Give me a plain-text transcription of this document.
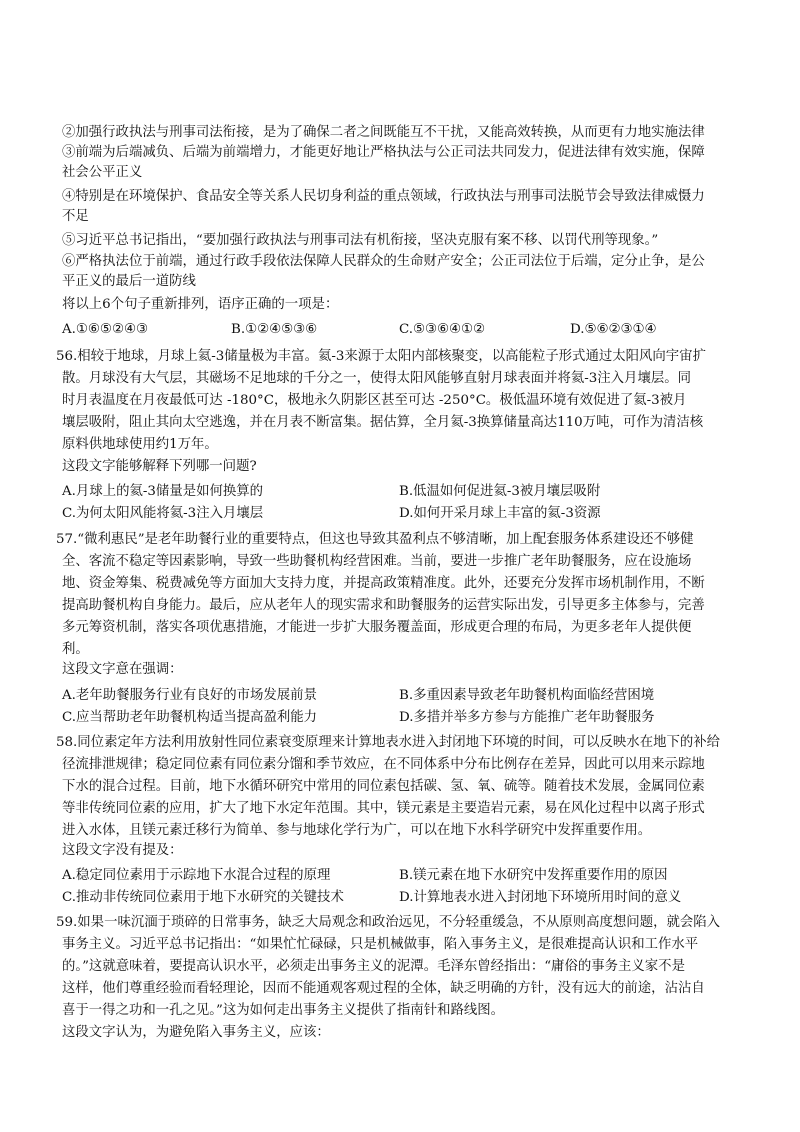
②加强行政执法与刑事司法衔接，是为了确保二者之间既能互不干扰，又能高效转换，从而更有力地实施法律
③前端为后端减负、后端为前端增力，才能更好地让严格执法与公正司法共同发力，促进法律有效实施，保障
社会公平正义
④特别是在环境保护、食品安全等关系人民切身利益的重点领域，行政执法与刑事司法脱节会导致法律威慑力
不足
⑤习近平总书记指出，“要加强行政执法与刑事司法有机衔接，坚决克服有案不移、以罚代刑等现象。”
⑥严格执法位于前端，通过行政手段依法保障人民群众的生命财产安全；公正司法位于后端，定分止争，是公
平正义的最后一道防线
将以上6个句子重新排列，语序正确的一项是：
A.①⑥⑤②④③	B.①②④⑤③⑥	C.⑤③⑥④①②	D.⑤⑥②③①④
56.相较于地球，月球上氦-3储量极为丰富。氦-3来源于太阳内部核聚变，以高能粒子形式通过太阳风向宇宙扩
散。月球没有大气层，其磁场不足地球的千分之一，使得太阳风能够直射月球表面并将氦-3注入月壤层。同
时月表温度在月夜最低可达 -180°C，极地永久阴影区甚至可达 -250°C。极低温环境有效促进了氦-3被月
壤层吸附，阻止其向太空逃逸，并在月表不断富集。据估算，全月氦-3换算储量高达110万吨，可作为清洁核
原料供地球使用约1万年。
这段文字能够解释下列哪一问题?
A.月球上的氦-3储量是如何换算的	B.低温如何促进氦-3被月壤层吸附
C.为何太阳风能将氦-3注入月壤层	D.如何开采月球上丰富的氦-3资源
57.“微利惠民”是老年助餐行业的重要特点，但这也导致其盈利点不够清晰，加上配套服务体系建设还不够健
全、客流不稳定等因素影响，导致一些助餐机构经营困难。当前，要进一步推广老年助餐服务，应在设施场
地、资金筹集、税费减免等方面加大支持力度，并提高政策精准度。此外，还要充分发挥市场机制作用，不断
提高助餐机构自身能力。最后，应从老年人的现实需求和助餐服务的运营实际出发，引导更多主体参与，完善
多元筹资机制，落实各项优惠措施，才能进一步扩大服务覆盖面，形成更合理的布局，为更多老年人提供便
利。
这段文字意在强调：
A.老年助餐服务行业有良好的市场发展前景	B.多重因素导致老年助餐机构面临经营困境
C.应当帮助老年助餐机构适当提高盈利能力	D.多措并举多方参与方能推广老年助餐服务
58.同位素定年方法利用放射性同位素衰变原理来计算地表水进入封闭地下环境的时间，可以反映水在地下的补给
径流排泄规律；稳定同位素有同位素分馏和季节效应，在不同体系中分布比例存在差异，因此可以用来示踪地
下水的混合过程。目前，地下水循环研究中常用的同位素包括碳、氢、氧、硫等。随着技术发展，金属同位素
等非传统同位素的应用，扩大了地下水定年范围。其中，镁元素是主要造岩元素，易在风化过程中以离子形式
进入水体，且镁元素迁移行为简单、参与地球化学行为广，可以在地下水科学研究中发挥重要作用。
这段文字没有提及：
A.稳定同位素用于示踪地下水混合过程的原理	B.镁元素在地下水研究中发挥重要作用的原因
C.推动非传统同位素用于地下水研究的关键技术	D.计算地表水进入封闭地下环境所用时间的意义
59.如果一味沉湎于琐碎的日常事务，缺乏大局观念和政治远见，不分轻重缓急，不从原则高度想问题，就会陷入
事务主义。习近平总书记指出：“如果忙忙碌碌，只是机械做事，陷入事务主义，是很难提高认识和工作水平
的。”这就意味着，要提高认识水平，必须走出事务主义的泥潭。毛泽东曾经指出：“庸俗的事务主义家不是
这样，他们尊重经验而看轻理论，因而不能通观客观过程的全体，缺乏明确的方针，没有远大的前途，沾沾自
喜于一得之功和一孔之见。”这为如何走出事务主义提供了指南针和路线图。
这段文字认为，为避免陷入事务主义，应该：
